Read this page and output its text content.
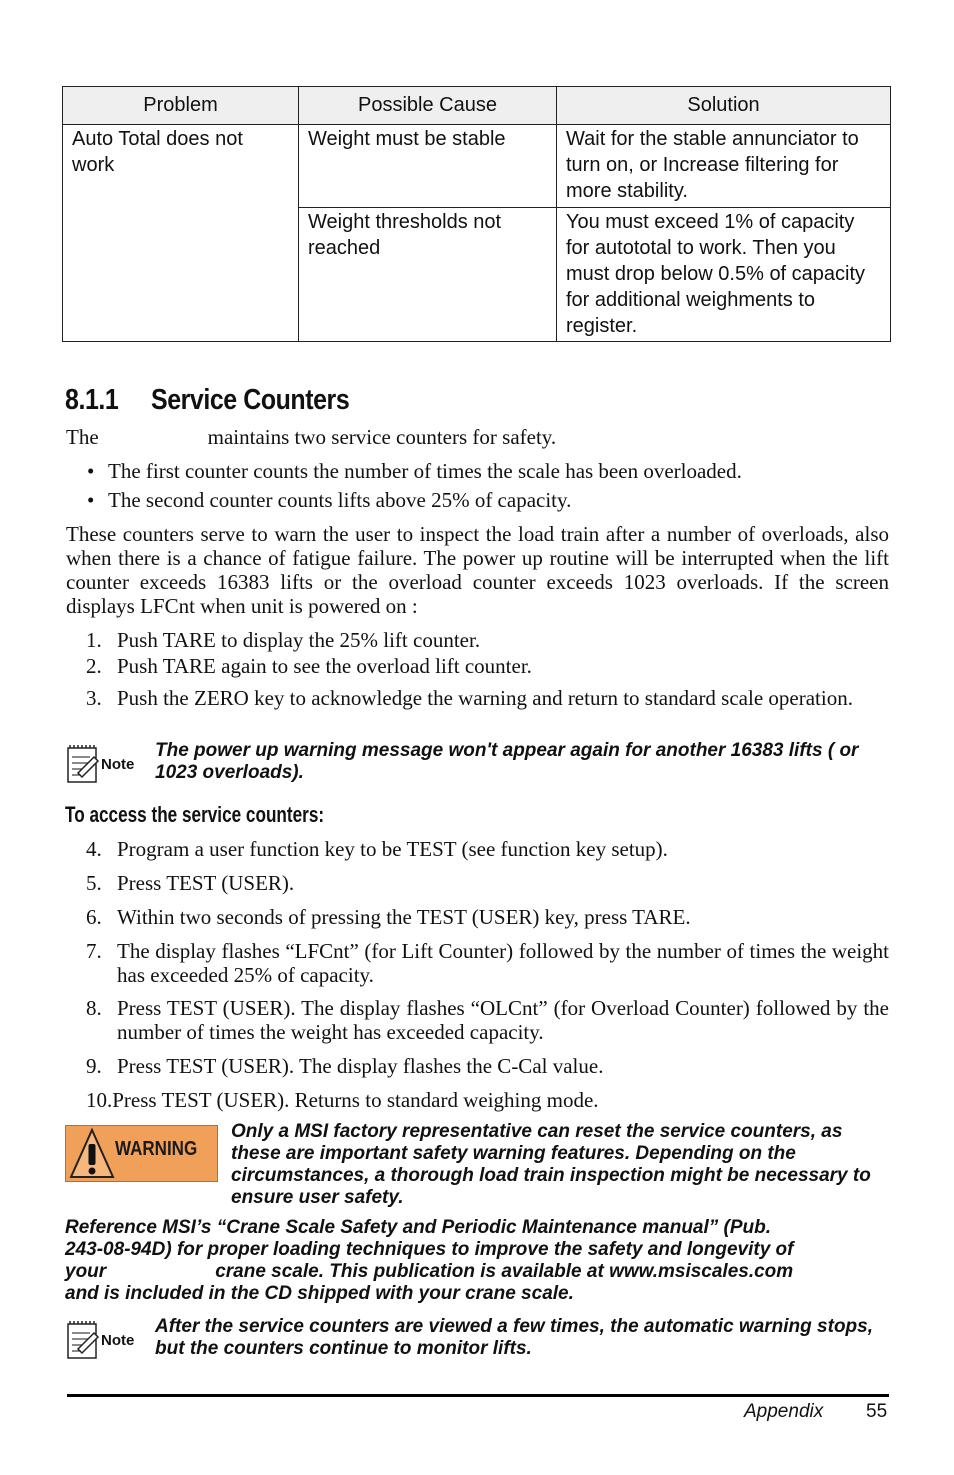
Problem	Possible Cause	Solution
Auto Total does not work	Weight must be stable	Wait for the stable annunciator to turn on, or Increase filtering for more stability.
	Weight thresholds not reached	You must exceed 1% of capacity for autototal to work. Then you must drop below 0.5% of capacity for additional weighments to register.
8.1.1 Service Counters
The	maintains two service counters for safety.
• The first counter counts the number of times the scale has been overloaded.
• The second counter counts lifts above 25% of capacity.
These counters serve to warn the user to inspect the load train after a number of overloads, also when there is a chance of fatigue failure. The power up routine will be interrupted when the lift counter exceeds 16383 lifts or the overload counter exceeds 1023 overloads. If the screen displays LFCnt when unit is powered on :
1. Push TARE to display the 25% lift counter.
2. Push TARE again to see the overload lift counter.
3. Push the ZERO key to acknowledge the warning and return to standard scale operation.
Note
The power up warning message won't appear again for another 16383 lifts ( or 1023 overloads).
To access the service counters:
4. Program a user function key to be TEST (see function key setup).
5. Press TEST (USER).
6. Within two seconds of pressing the TEST (USER) key, press TARE.
7. The display flashes “LFCnt” (for Lift Counter) followed by the number of times the weight has exceeded 25% of capacity.
8. Press TEST (USER). The display flashes “OLCnt” (for Overload Counter) followed by the number of times the weight has exceeded capacity.
9. Press TEST (USER). The display flashes the C-Cal value.
10.Press TEST (USER). Returns to standard weighing mode.
WARNING
Only a MSI factory representative can reset the service counters, as these are important safety warning features. Depending on the circumstances, a thorough load train inspection might be necessary to ensure user safety.
Reference MSI’s “Crane Scale Safety and Periodic Maintenance manual” (Pub.
243-08-94D) for proper loading techniques to improve the safety and longevity of
your	crane scale. This publication is available at www.msiscales.com
and is included in the CD shipped with your crane scale.
Note
After the service counters are viewed a few times, the automatic warning stops, but the counters continue to monitor lifts.
Appendix 55
